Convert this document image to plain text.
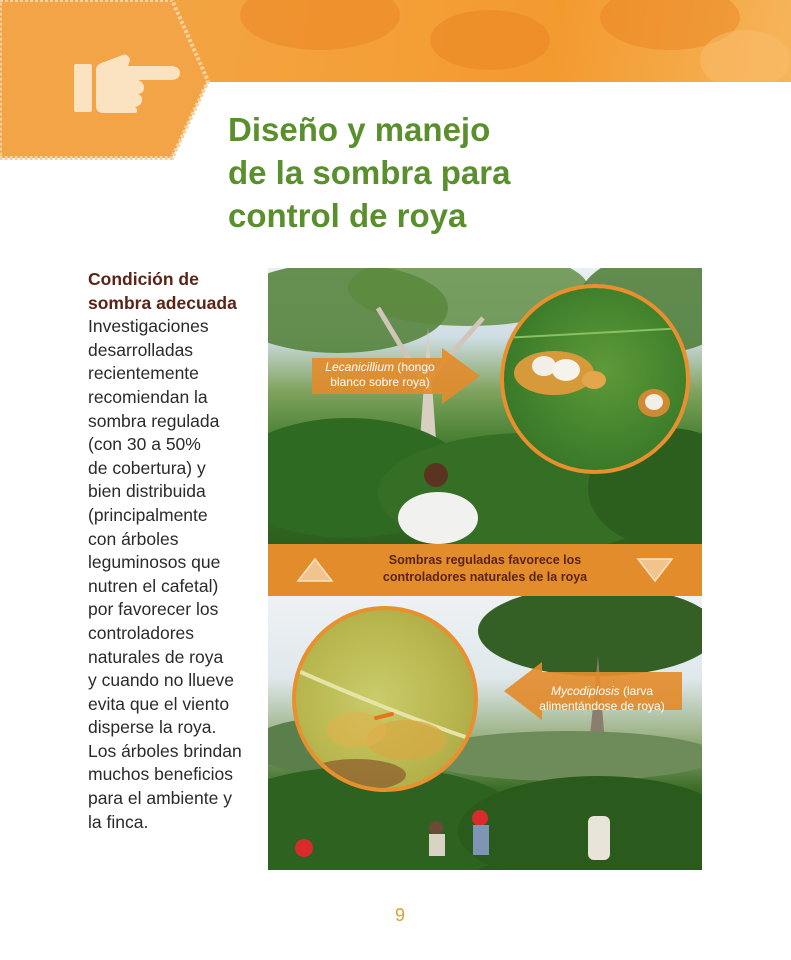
Diseño y manejo
de la sombra para
control de roya
Condición de
sombra adecuada
Investigaciones
desarrolladas
recientemente
recomiendan la
sombra regulada
(con 30 a 50%
de cobertura) y
bien distribuida
(principalmente
con árboles
leguminosos que
nutren el cafetal)
por favorecer los
controladores
naturales de roya
y cuando no llueve
evita que el viento
disperse la roya.
Los árboles brindan
muchos beneficios
para el ambiente y
la finca.
Lecanicillium (hongo
blanco sobre roya)
Sombras reguladas favorece los
controladores naturales de la roya
Mycodiplosis (larva
alimentándose de roya)
9
